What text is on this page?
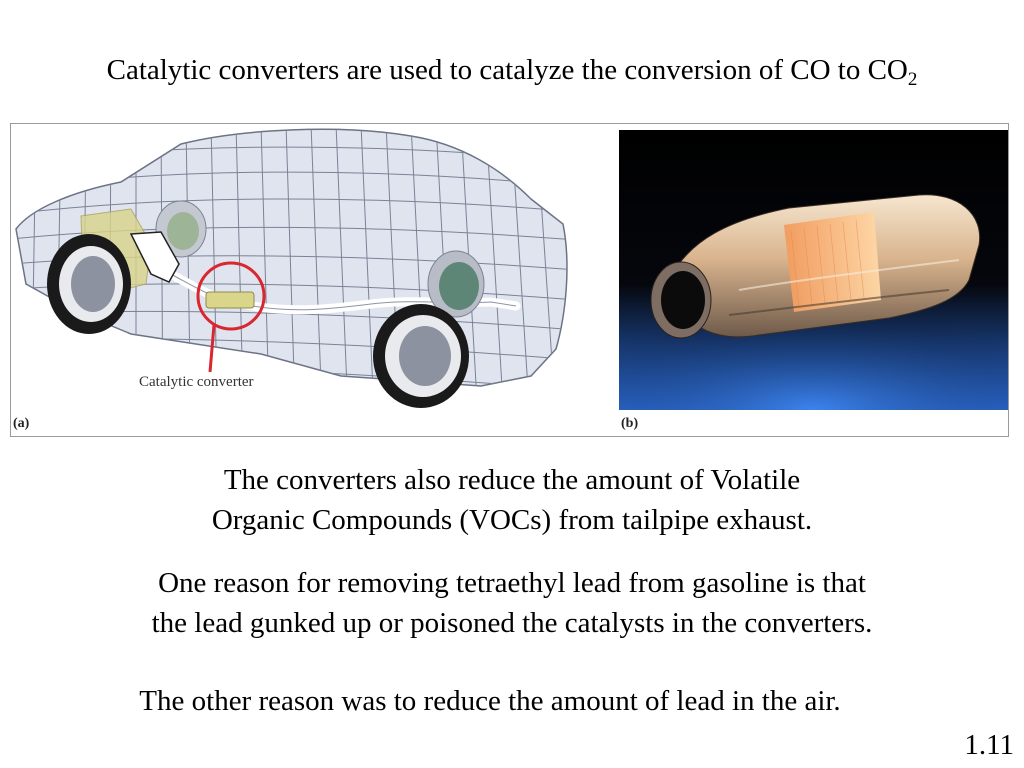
Catalytic converters are used to catalyze the conversion of CO to $CO_2$
Catalytic converter
(a)	(b)
The converters also reduce the amount of Volatile
Organic Compounds (VOCs) from tailpipe exhaust.
One reason for removing tetraethyl lead from gasoline is that
the lead gunked up or poisoned the catalysts in the converters.
The other reason was to reduce the amount of lead in the air.
1.11
